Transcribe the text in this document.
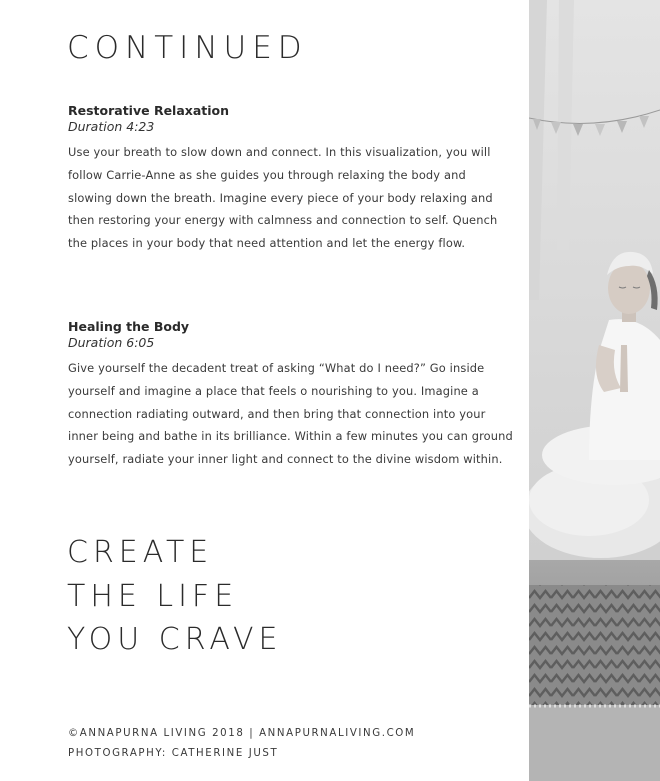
CONTINUED
Restorative Relaxation

Duration 4:23

Use your breath to slow down and connect. In this visualization, you will follow Carrie-Anne as she guides you through relaxing the body and slowing down the breath. Imagine every piece of your body relaxing and then restoring your energy with calmness and connection to self. Quench the places in your body that need attention and let the energy flow.

Healing the Body

Duration 6:05

Give yourself the decadent treat of asking “What do I need?” Go inside yourself and imagine a place that feels o nourishing to you. Imagine a connection radiating outward, and then bring that connection into your inner being and bathe in its brilliance. Within a few minutes you can ground yourself, radiate your inner light and connect to the divine wisdom within.

CREATE
THE LIFE
YOU CRAVE
©ANNAPURNA LIVING 2018 | ANNAPURNALIVING.COM
PHOTOGRAPHY: CATHERINE JUST
